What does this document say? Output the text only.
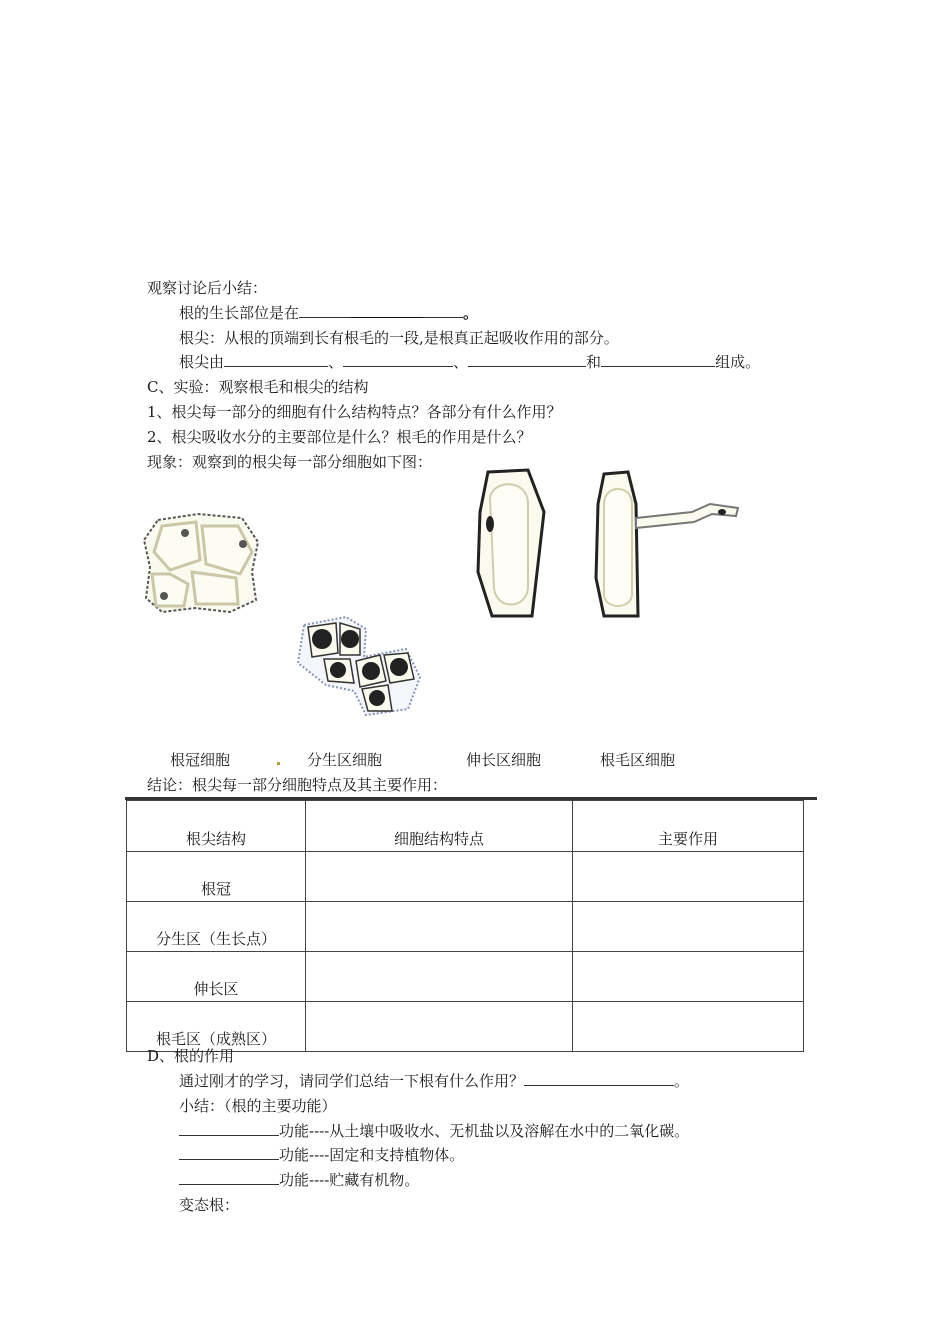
观察讨论后小结：
根的生长部位是在	。
根尖：从根的顶端到长有根毛的一段,是根真正起吸收作用的部分。
根尖由	、	、	和	组成。
C、实验：观察根毛和根尖的结构
1、根尖每一部分的细胞有什么结构特点？各部分有什么作用？
2、根尖吸收水分的主要部位是什么？根毛的作用是什么？
现象：观察到的根尖每一部分细胞如下图：
根冠细胞	分生区细胞	伸长区细胞	根毛区细胞
结论：根尖每一部分细胞特点及其主要作用：
根尖结构	细胞结构特点	主要作用
根冠		
分生区（生长点）		
伸长区		
根毛区（成熟区）		
D、根的作用
通过刚才的学习，请同学们总结一下根有什么作用？	。
小结：（根的主要功能）
功能----从土壤中吸收水、无机盐以及溶解在水中的二氧化碳。
功能----固定和支持植物体。
功能----贮藏有机物。
变态根：
